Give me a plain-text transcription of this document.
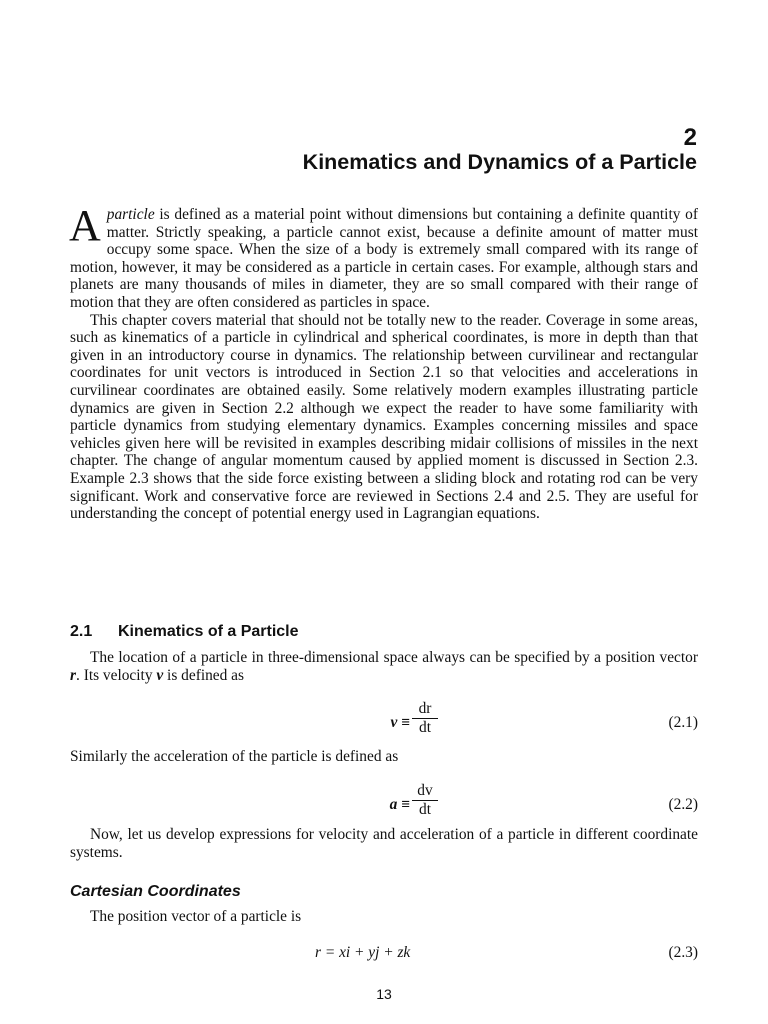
2
Kinematics and Dynamics of a Particle

Aparticle is defined as a material point without dimensions but containing a definite quantity of matter. Strictly speaking, a particle cannot exist, because a definite amount of matter must occupy some space. When the size of a body is extremely small compared with its range of motion, however, it may be considered as a particle in certain cases. For example, although stars and planets are many thousands of miles in diameter, they are so small compared with their range of motion that they are often considered as particles in space.

This chapter covers material that should not be totally new to the reader. Coverage in some areas, such as kinematics of a particle in cylindrical and spherical coordinates, is more in depth than that given in an introductory course in dynamics. The relationship between curvilinear and rectangular coordinates for unit vectors is introduced in Section 2.1 so that velocities and accelerations in curvilinear coordinates are obtained easily. Some relatively modern examples illustrating particle dynamics are given in Section 2.2 although we expect the reader to have some familiarity with particle dynamics from studying elementary dynamics. Examples concerning missiles and space vehicles given here will be revisited in examples describing midair collisions of missiles in the next chapter. The change of angular momentum caused by applied moment is discussed in Section 2.3. Example 2.3 shows that the side force existing between a sliding block and rotating rod can be very significant. Work and conservative force are reviewed in Sections 2.4 and 2.5. They are useful for understanding the concept of potential energy used in Lagrangian equations.

2.1 Kinematics of a Particle

The location of a particle in three-dimensional space always can be specified by a position vector r. Its velocity v is defined as

$v \equiv \frac{dr}{dt}$	(2.1)

Similarly the acceleration of the particle is defined as

$a \equiv \frac{dv}{dt}$	(2.2)

Now, let us develop expressions for velocity and acceleration of a particle in different coordinate systems.

Cartesian Coordinates

The position vector of a particle is

r = xi + yj + zk	(2.3)
13
